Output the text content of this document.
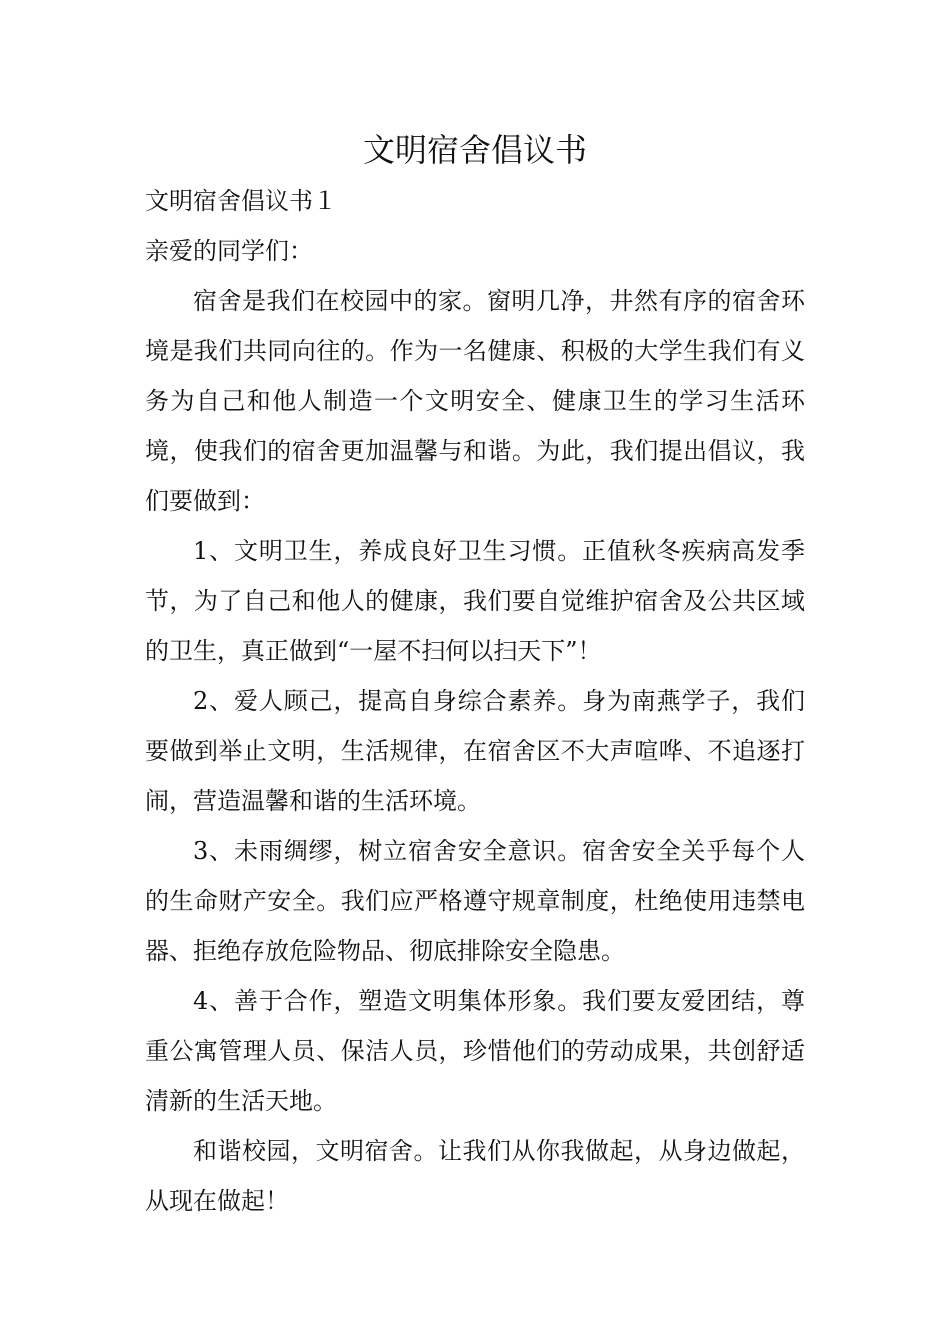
文明宿舍倡议书

文明宿舍倡议书１

亲爱的同学们：

宿舍是我们在校园中的家。窗明几净，井然有序的宿舍环境是我们共同向往的。作为一名健康、积极的大学生我们有义务为自己和他人制造一个文明安全、健康卫生的学习生活环境，使我们的宿舍更加温馨与和谐。为此，我们提出倡议，我们要做到：

1、文明卫生，养成良好卫生习惯。正值秋冬疾病高发季节，为了自己和他人的健康，我们要自觉维护宿舍及公共区域的卫生，真正做到“一屋不扫何以扫天下”！

2、爱人顾己，提高自身综合素养。身为南燕学子，我们要做到举止文明，生活规律，在宿舍区不大声喧哗、不追逐打闹，营造温馨和谐的生活环境。

3、未雨绸缪，树立宿舍安全意识。宿舍安全关乎每个人的生命财产安全。我们应严格遵守规章制度，杜绝使用违禁电器、拒绝存放危险物品、彻底排除安全隐患。

4、善于合作，塑造文明集体形象。我们要友爱团结，尊重公寓管理人员、保洁人员，珍惜他们的劳动成果，共创舒适清新的生活天地。

和谐校园，文明宿舍。让我们从你我做起，从身边做起，从现在做起！
